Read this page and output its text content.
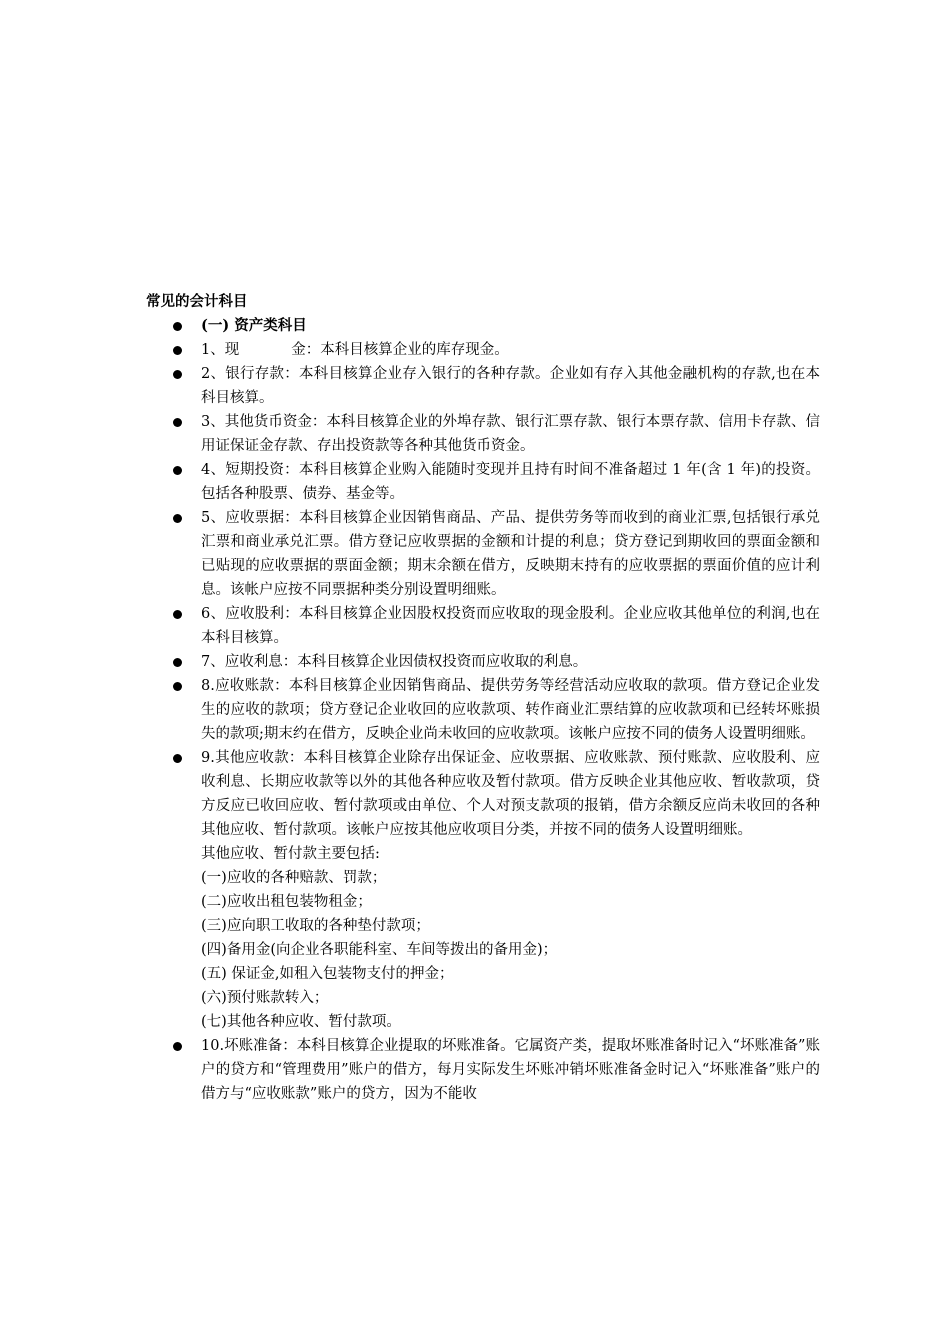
常见的会计科目

(一) 资产类科目

1、现	金：本科目核算企业的库存现金。

2、银行存款：本科目核算企业存入银行的各种存款。企业如有存入其他金融机构的存款,也在本科目核算。

3、其他货币资金：本科目核算企业的外埠存款、银行汇票存款、银行本票存款、信用卡存款、信用证保证金存款、存出投资款等各种其他货币资金。

4、短期投资：本科目核算企业购入能随时变现并且持有时间不准备超过 1 年(含 1 年)的投资。包括各种股票、债券、基金等。

5、应收票据：本科目核算企业因销售商品、产品、提供劳务等而收到的商业汇票,包括银行承兑汇票和商业承兑汇票。借方登记应收票据的金额和计提的利息；贷方登记到期收回的票面金额和已贴现的应收票据的票面金额；期末余额在借方，反映期末持有的应收票据的票面价值的应计利息。该帐户应按不同票据种类分别设置明细账。

6、应收股利：本科目核算企业因股权投资而应收取的现金股利。企业应收其他单位的利润,也在本科目核算。

7、应收利息：本科目核算企业因债权投资而应收取的利息。

8.应收账款：本科目核算企业因销售商品、提供劳务等经营活动应收取的款项。借方登记企业发生的应收的款项；贷方登记企业收回的应收款项、转作商业汇票结算的应收款项和已经转坏账损失的款项;期末约在借方，反映企业尚未收回的应收款项。该帐户应按不同的债务人设置明细账。

9.其他应收款：本科目核算企业除存出保证金、应收票据、应收账款、预付账款、应收股利、应收利息、长期应收款等以外的其他各种应收及暂付款项。借方反映企业其他应收、暂收款项，贷方反应已收回应收、暂付款项或由单位、个人对预支款项的报销，借方余额反应尚未收回的各种其他应收、暂付款项。该帐户应按其他应收项目分类，并按不同的债务人设置明细账。

其他应收、暂付款主要包括:

(一)应收的各种赔款、罚款；

(二)应收出租包装物租金；

(三)应向职工收取的各种垫付款项；

(四)备用金(向企业各职能科室、车间等拨出的备用金)；

(五) 保证金,如租入包装物支付的押金；

(六)预付账款转入；

(七)其他各种应收、暂付款项。

10.坏账准备：本科目核算企业提取的坏账准备。它属资产类，提取坏账准备时记入“坏账准备”账户的贷方和“管理费用”账户的借方，每月实际发生坏账冲销坏账准备金时记入“坏账准备”账户的借方与“应收账款”账户的贷方，因为不能收
